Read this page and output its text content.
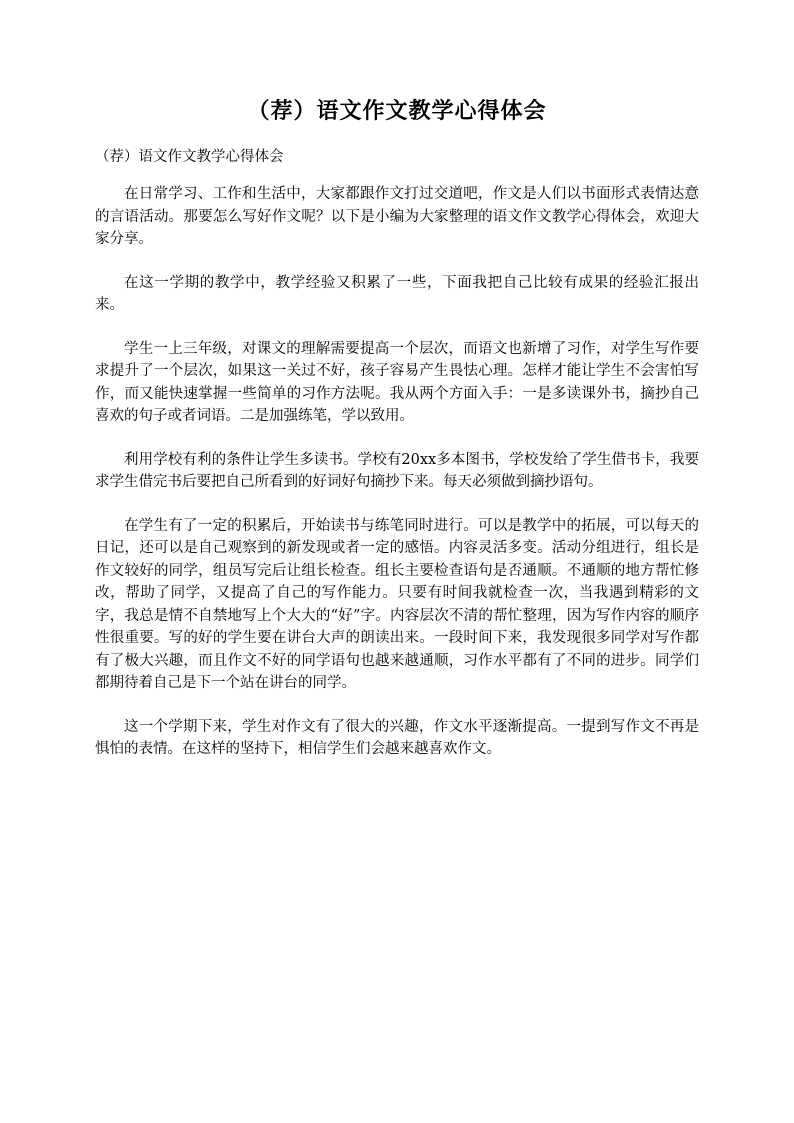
（荐）语文作文教学心得体会
（荐）语文作文教学心得体会

在日常学习、工作和生活中，大家都跟作文打过交道吧，作文是人们以书面形式表情达意的言语活动。那要怎么写好作文呢？以下是小编为大家整理的语文作文教学心得体会，欢迎大家分享。

在这一学期的教学中，教学经验又积累了一些，下面我把自己比较有成果的经验汇报出来。

学生一上三年级，对课文的理解需要提高一个层次，而语文也新增了习作，对学生写作要求提升了一个层次，如果这一关过不好，孩子容易产生畏怯心理。怎样才能让学生不会害怕写作，而又能快速掌握一些简单的习作方法呢。我从两个方面入手：一是多读课外书，摘抄自己喜欢的句子或者词语。二是加强练笔，学以致用。

利用学校有利的条件让学生多读书。学校有20xx多本图书，学校发给了学生借书卡，我要求学生借完书后要把自己所看到的好词好句摘抄下来。每天必须做到摘抄语句。

在学生有了一定的积累后，开始读书与练笔同时进行。可以是教学中的拓展，可以每天的日记，还可以是自己观察到的新发现或者一定的感悟。内容灵活多变。活动分组进行，组长是作文较好的同学，组员写完后让组长检查。组长主要检查语句是否通顺。不通顺的地方帮忙修改，帮助了同学，又提高了自己的写作能力。只要有时间我就检查一次，当我遇到精彩的文字，我总是情不自禁地写上个大大的“好”字。内容层次不清的帮忙整理，因为写作内容的顺序性很重要。写的好的学生要在讲台大声的朗读出来。一段时间下来，我发现很多同学对写作都有了极大兴趣，而且作文不好的同学语句也越来越通顺，习作水平都有了不同的进步。同学们都期待着自己是下一个站在讲台的同学。

这一个学期下来，学生对作文有了很大的兴趣，作文水平逐渐提高。一提到写作文不再是惧怕的表情。在这样的坚持下，相信学生们会越来越喜欢作文。
